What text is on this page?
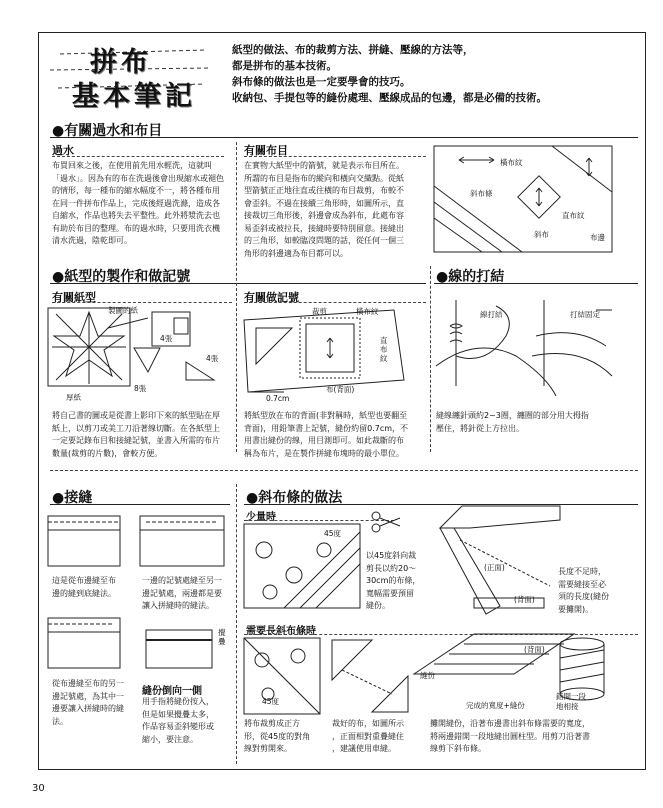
拼布
基本筆記
紙型的做法、布的裁剪方法、拼縫、壓線的方法等，
都是拼布的基本技術。
斜布條的做法也是一定要學會的技巧。
收納包、手提包等的縫份處理、壓線成品的包邊，都是必備的技術。
●有關過水和布目
過水
布買回來之後，在使用前先用水輕洗，這就叫
「過水」。因為有的布在洗過後會出現縮水或褪色
的情形，每一種布的縮水幅度不一，將各種布用
在同一件拼布作品上，完成後經過洗滌，造成各
自縮水，作品也將失去平整性。此外將漿洗去也
有助於布目的整理。布的過水時，只要用洗衣機
清水洗過，陰乾即可。
有關布目
在實物大紙型中的箭號，就是表示布目所在。
所謂的布目是指布的縱向和橫向交織點。從紙
型箭號正正地往直或往橫的布目裁剪，布較不
會歪斜。不過在接續三角形時，如圖所示，直
接裁切三角形後，斜邊會成為斜布，此處布容
易歪斜或被拉長，接縫時要特別留意。接縫出
的三角形，如較臨沒問題的話，從任何一個三
角形的斜邊適為布目都可以。
橫布紋
斜布條
直布紋
斜布	布邊
●紙型的製作和做記號
有關紙型
製圖的紙
4張
4張
8張
厚紙
將自己書的圖或是從書上影印下來的紙型貼在厚
紙上，以剪刀或美工刀沿著線切斷。在各紙型上
一定要記錄布目和接縫記號，並書入所需的布片
數量(裁剪的片數)，會較方便。
有關做記號
裁剪	橫布紋
直布紋
布(背面)
0.7cm
將紙型放在布的背面(非對稱時，紙型也要翻至
背面)，用鉛筆書上記號，縫份約留0.7cm，不
用書出縫份的線，用目測即可。如此裁斷的布
稱為布片，是在製作拼縫布塊時的最小單位。
●線的打結
線打結	打結固定
縫線纏針頭約2~3圈，纏圈的部分用大拇指
壓住，將針從上方拉出。
●接縫
這是從布邊縫至布
邊的縫到底縫法。
一邊的記號處縫至另一
邊記號處，兩邊都是要
讓入拼縫時的縫法。
攪疊
從布邊縫至布的另一
邊記號處，為其中一
邊要讓入拼縫時的縫
法。
縫份倒向一側
用手指將縫份按入，
但是如果攪疊太多，
作品容易歪斜變形或
縮小，要注意。
●斜布條的做法
少量時
45度
以45度斜向裁
剪長以約20～
30cm的布條，
寬幅需要預留
縫份。
(正面)
(背面)
長度不足時，
需要縫接至必
須的長度(縫份
要攤開)。
需要長斜布條時
45度
(背面)
縫份
完成的寬度+縫份
錯開一段
地相接
將布裁剪成正方
形，從45度的對角
線對剪開來。
裁好的布，如圖所示
，正面相對重疊縫住
，建議使用車縫。
攤開縫份，沿著布邊書出斜布條需要的寬度，
將兩邊錯開一段地縫出圓柱型。用剪刀沿著書
線剪下斜布條。
30
